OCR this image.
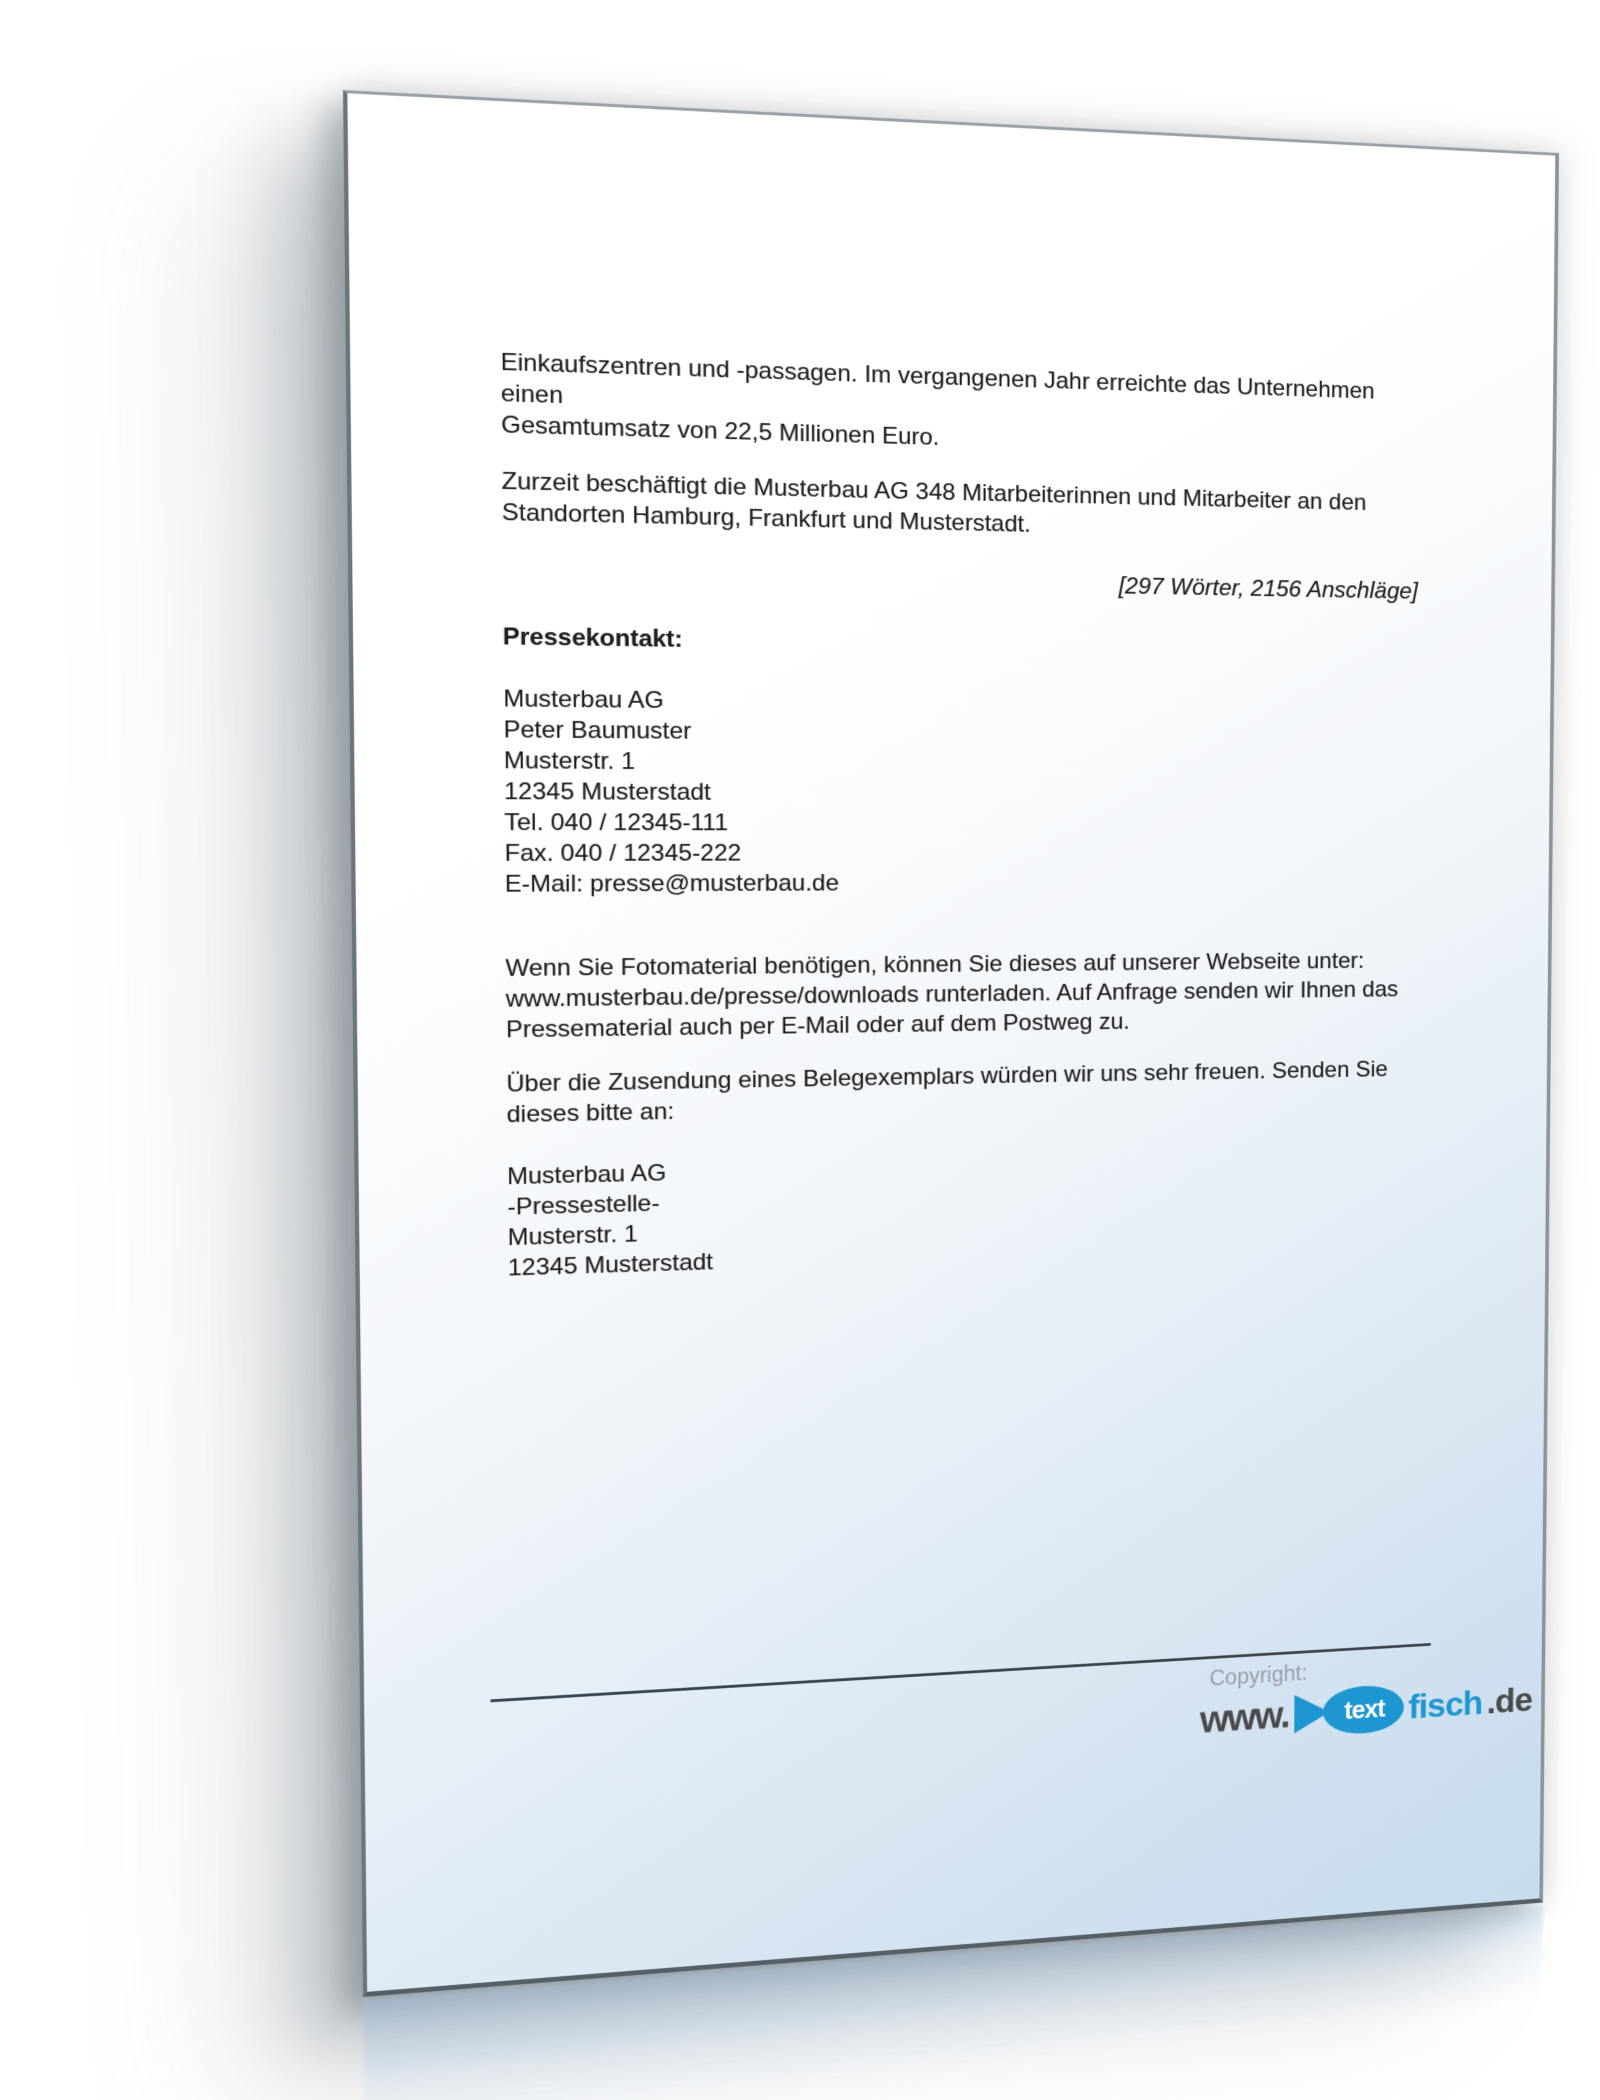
Einkaufszentren und -passagen. Im vergangenen Jahr erreichte das Unternehmen einen
Gesamtumsatz von 22,5 Millionen Euro.

Zurzeit beschäftigt die Musterbau AG 348 Mitarbeiterinnen und Mitarbeiter an den
Standorten Hamburg, Frankfurt und Musterstadt.

[297 Wörter, 2156 Anschläge]

Pressekontakt:

Musterbau AG
Peter Baumuster
Musterstr. 1
12345 Musterstadt
Tel. 040 / 12345-111
Fax. 040 / 12345-222
E-Mail: presse@musterbau.de

Wenn Sie Fotomaterial benötigen, können Sie dieses auf unserer Webseite unter:
www.musterbau.de/presse/downloads runterladen. Auf Anfrage senden wir Ihnen das
Pressematerial auch per E-Mail oder auf dem Postweg zu.

Über die Zusendung eines Belegexemplars würden wir uns sehr freuen. Senden Sie
dieses bitte an:

Musterbau AG
-Pressestelle-
Musterstr. 1
12345 Musterstadt

Copyright:
www.	text fisch .de
